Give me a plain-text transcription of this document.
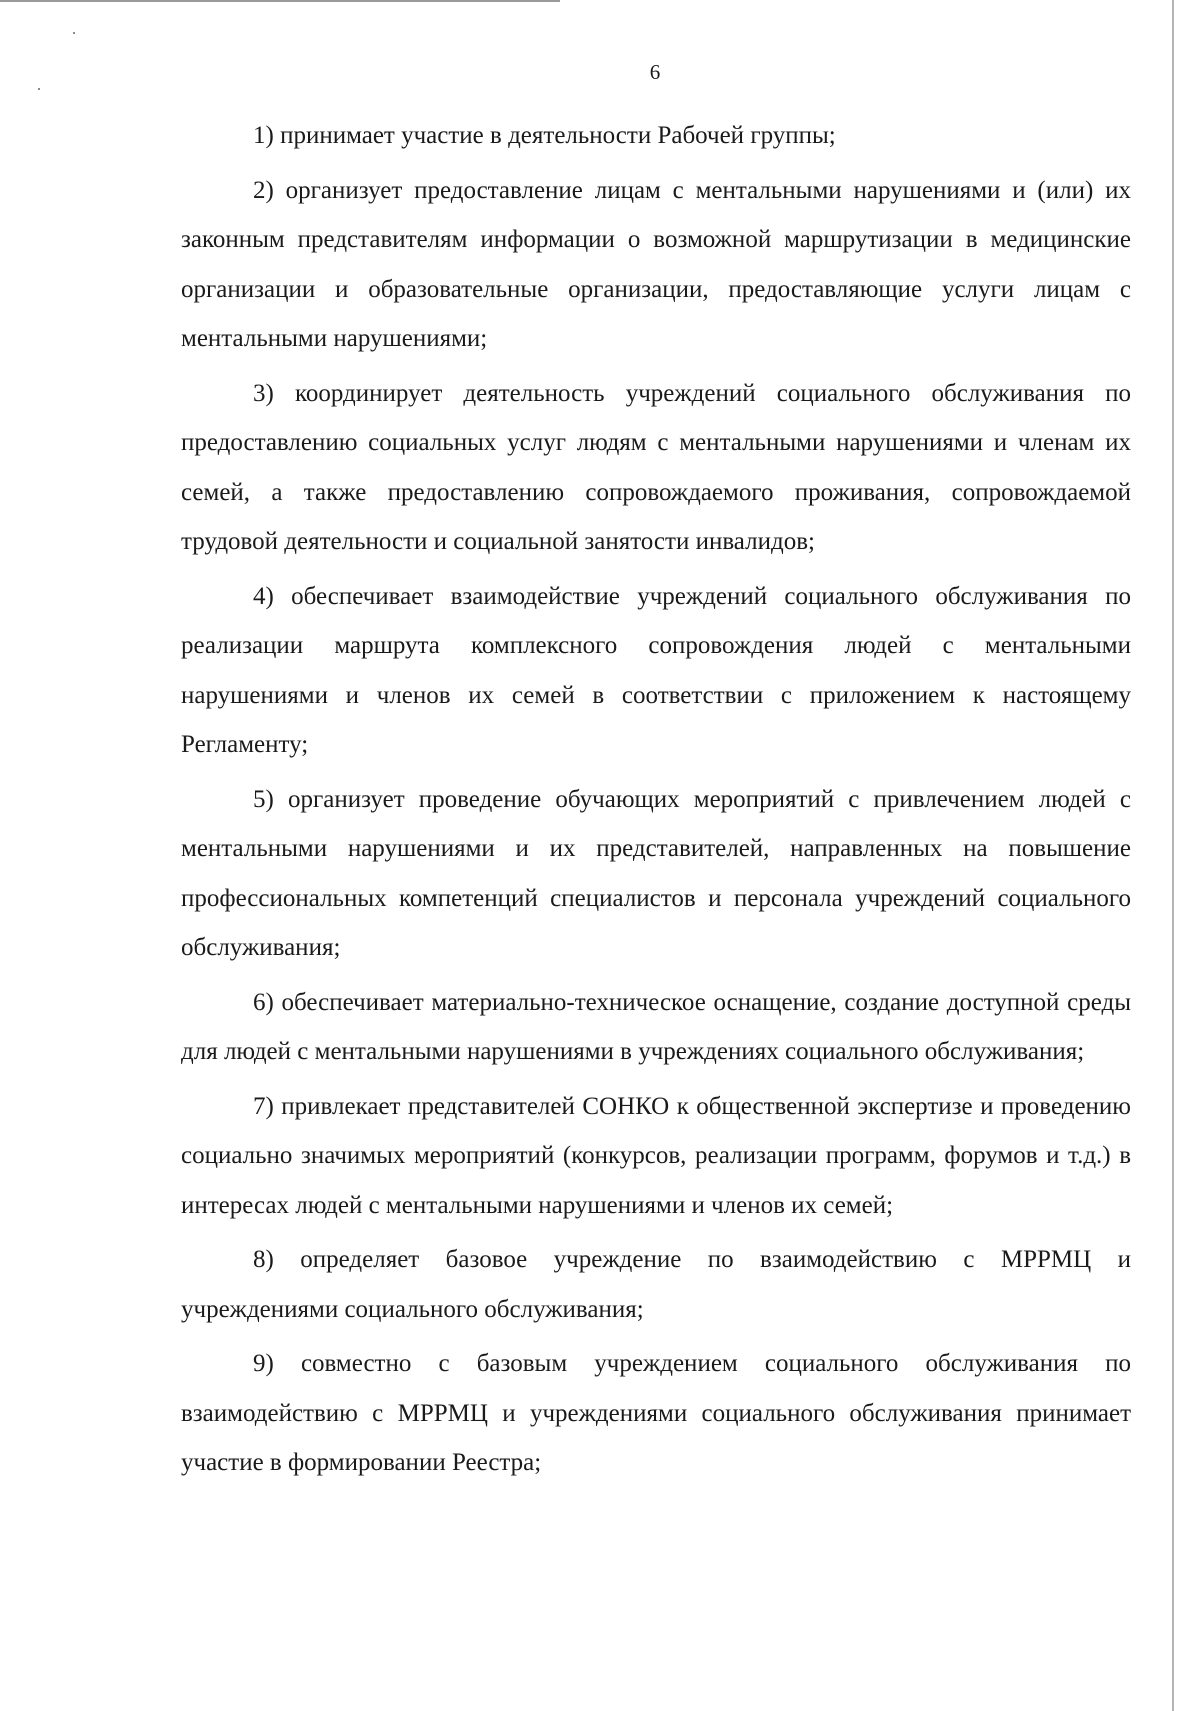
6

1) принимает участие в деятельности Рабочей группы;

2) организует предоставление лицам с ментальными нарушениями и (или) их законным представителям информации о возможной маршрутизации в медицинские организации и образовательные организации, предоставляющие услуги лицам с ментальными нарушениями;

3) координирует деятельность учреждений социального обслуживания по предоставлению социальных услуг людям с ментальными нарушениями и членам их семей, а также предоставлению сопровождаемого проживания, сопровождаемой трудовой деятельности и социальной занятости инвалидов;

4) обеспечивает взаимодействие учреждений социального обслуживания по реализации маршрута комплексного сопровождения людей с ментальными нарушениями и членов их семей в соответствии с приложением к настоящему Регламенту;

5) организует проведение обучающих мероприятий с привлечением людей с ментальными нарушениями и их представителей, направленных на повышение профессиональных компетенций специалистов и персонала учреждений социального обслуживания;

6) обеспечивает материально-техническое оснащение, создание доступной среды для людей с ментальными нарушениями в учреждениях социального обслуживания;

7) привлекает представителей СОНКО к общественной экспертизе и проведению социально значимых мероприятий (конкурсов, реализации программ, форумов и т.д.) в интересах людей с ментальными нарушениями и членов их семей;

8) определяет базовое учреждение по взаимодействию с МРРМЦ и учреждениями социального обслуживания;

9) совместно с базовым учреждением социального обслуживания по взаимодействию с МРРМЦ и учреждениями социального обслуживания принимает участие в формировании Реестра;
